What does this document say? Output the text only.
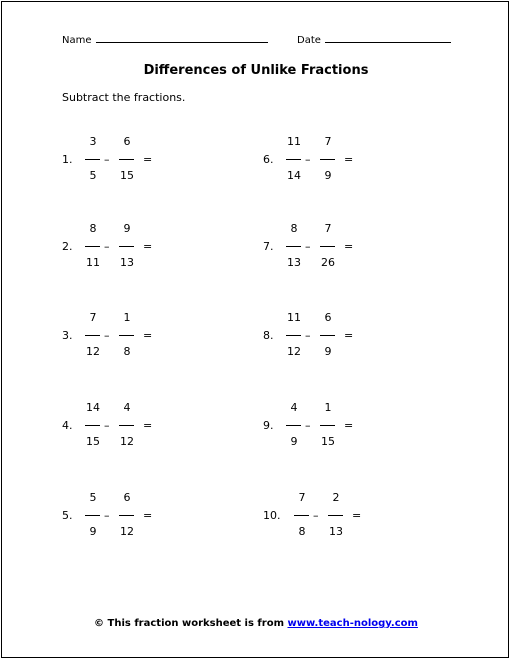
Name	Date
Differences of Unlike Fractions
Subtract the fractions.
1.
3
5
–
6
15
=
2.
8
11
–
9
13
=
3.
7
12
–
1
8
=
4.
14
15
–
4
12
=
5.
5
9
–
6
12
=
6.
11
14
–
7
9
=
7.
8
13
–
7
26
=
8.
11
12
–
6
9
=
9.
4
9
–
1
15
=
10.
7
8
–
2
13
=
© This fraction worksheet is from www.teach-nology.com
